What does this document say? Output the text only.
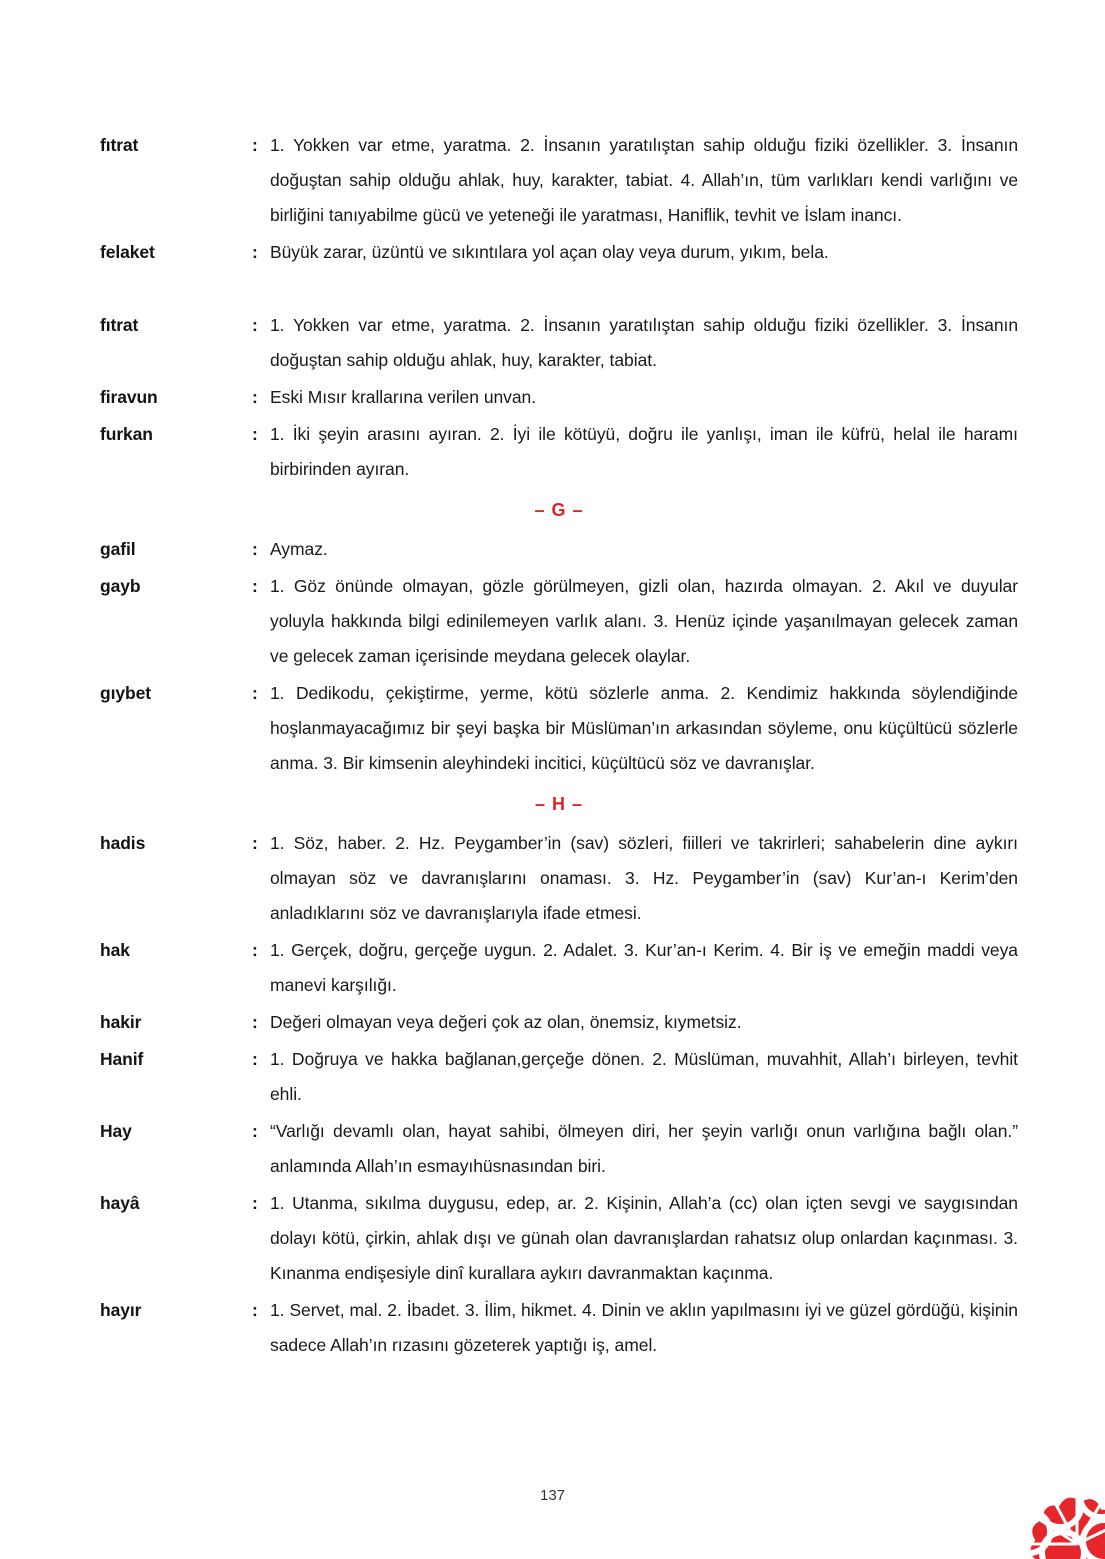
fıtrat	: 1. Yokken var etme, yaratma. 2. İnsanın yaratılıştan sahip olduğu fiziki özellikler. 3. İnsanın doğuştan sahip olduğu ahlak, huy, karakter, tabiat. 4. Allah’ın, tüm varlıkları kendi varlığını ve birliğini tanıyabilme gücü ve yeteneği ile yaratması, Haniflik, tevhit ve İslam inancı.
felaket	: Büyük zarar, üzüntü ve sıkıntılara yol açan olay veya durum, yıkım, bela.
fıtrat	: 1. Yokken var etme, yaratma. 2. İnsanın yaratılıştan sahip olduğu fiziki özellikler. 3. İnsanın doğuştan sahip olduğu ahlak, huy, karakter, tabiat.
firavun	: Eski Mısır krallarına verilen unvan.
furkan	: 1. İki şeyin arasını ayıran. 2. İyi ile kötüyü, doğru ile yanlışı, iman ile küfrü, helal ile haramı birbirinden ayıran.
– G –
gafil	: Aymaz.
gayb	: 1. Göz önünde olmayan, gözle görülmeyen, gizli olan, hazırda olmayan. 2. Akıl ve duyular yoluyla hakkında bilgi edinilemeyen varlık alanı. 3. Henüz içinde yaşanılmayan gelecek zaman ve gelecek zaman içerisinde meydana gelecek olaylar.
gıybet	: 1. Dedikodu, çekiştirme, yerme, kötü sözlerle anma. 2. Kendimiz hakkında söylendiğinde hoşlanmayacağımız bir şeyi başka bir Müslüman’ın arkasından söyleme, onu küçültücü sözlerle anma. 3. Bir kimsenin aleyhindeki incitici, küçültücü söz ve davranışlar.
– H –
hadis	: 1. Söz, haber. 2. Hz. Peygamber’in (sav) sözleri, fiilleri ve takrirleri; sahabelerin dine aykırı olmayan söz ve davranışlarını onaması. 3. Hz. Peygamber’in (sav) Kur’an-ı Kerim’den anladıklarını söz ve davranışlarıyla ifade etmesi.
hak	: 1. Gerçek, doğru, gerçeğe uygun. 2. Adalet. 3. Kur’an-ı Kerim. 4. Bir iş ve emeğin maddi veya manevi karşılığı.
hakir	: Değeri olmayan veya değeri çok az olan, önemsiz, kıymetsiz.
Hanif	: 1. Doğruya ve hakka bağlanan,gerçeğe dönen. 2. Müslüman, muvahhit, Allah’ı birleyen, tevhit ehli.
Hay	: “Varlığı devamlı olan, hayat sahibi, ölmeyen diri, her şeyin varlığı onun varlığına bağlı olan.” anlamında Allah’ın esmayıhüsnasından biri.
hayâ	: 1. Utanma, sıkılma duygusu, edep, ar. 2. Kişinin, Allah’a (cc) olan içten sevgi ve saygısından dolayı kötü, çirkin, ahlak dışı ve günah olan davranışlardan rahatsız olup onlardan kaçınması. 3. Kınanma endişesiyle dinî kurallara aykırı davranmaktan kaçınma.
hayır	: 1. Servet, mal. 2. İbadet. 3. İlim, hikmet. 4. Dinin ve aklın yapılmasını iyi ve güzel gördüğü, kişinin sadece Allah’ın rızasını gözeterek yaptığı iş, amel.
137
